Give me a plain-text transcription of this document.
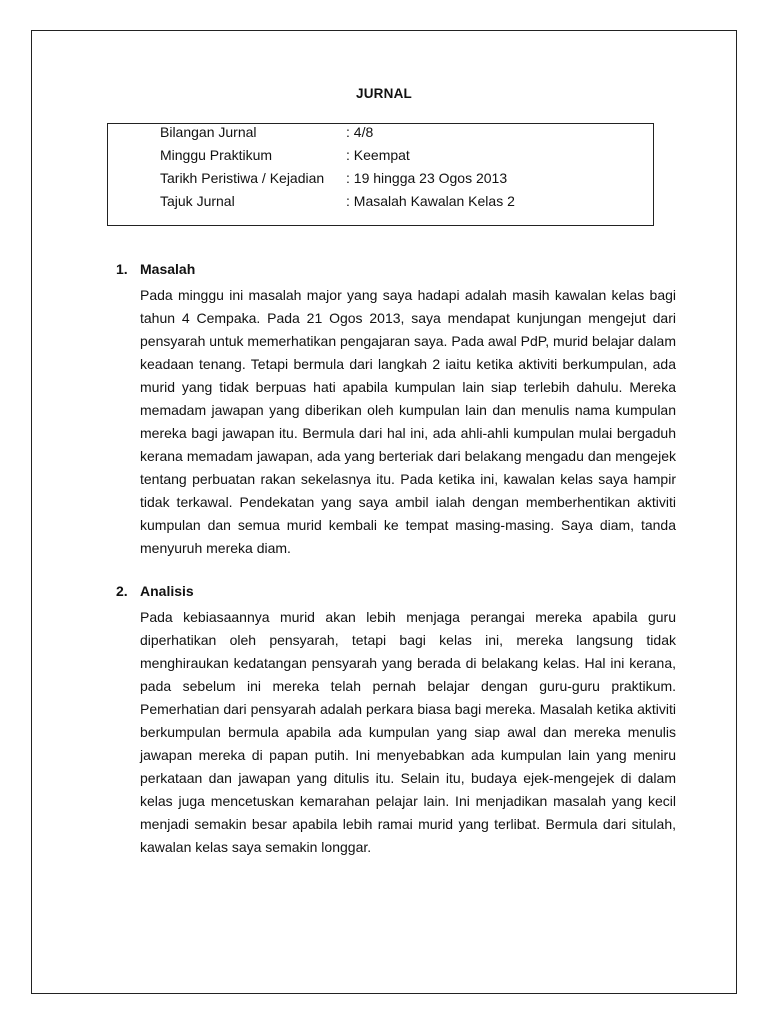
JURNAL
Bilangan Jurnal	: 4/8
Minggu Praktikum	: Keempat
Tarikh Peristiwa / Kejadian : 19 hingga 23 Ogos 2013
Tajuk Jurnal	: Masalah Kawalan Kelas 2
1. Masalah
Pada minggu ini masalah major yang saya hadapi adalah masih kawalan kelas bagi tahun 4 Cempaka. Pada 21 Ogos 2013, saya mendapat kunjungan mengejut dari pensyarah untuk memerhatikan pengajaran saya. Pada awal PdP, murid belajar dalam keadaan tenang. Tetapi bermula dari langkah 2 iaitu ketika aktiviti berkumpulan, ada murid yang tidak berpuas hati apabila kumpulan lain siap terlebih dahulu. Mereka memadam jawapan yang diberikan oleh kumpulan lain dan menulis nama kumpulan mereka bagi jawapan itu. Bermula dari hal ini, ada ahli-ahli kumpulan mulai bergaduh kerana memadam jawapan, ada yang berteriak dari belakang mengadu dan mengejek tentang perbuatan rakan sekelasnya itu. Pada ketika ini, kawalan kelas saya hampir tidak terkawal. Pendekatan yang saya ambil ialah dengan memberhentikan aktiviti kumpulan dan semua murid kembali ke tempat masing-masing. Saya diam, tanda menyuruh mereka diam.
2. Analisis
Pada kebiasaannya murid akan lebih menjaga perangai mereka apabila guru diperhatikan oleh pensyarah, tetapi bagi kelas ini, mereka langsung tidak menghiraukan kedatangan pensyarah yang berada di belakang kelas. Hal ini kerana, pada sebelum ini mereka telah pernah belajar dengan guru-guru praktikum. Pemerhatian dari pensyarah adalah perkara biasa bagi mereka. Masalah ketika aktiviti berkumpulan bermula apabila ada kumpulan yang siap awal dan mereka menulis jawapan mereka di papan putih. Ini menyebabkan ada kumpulan lain yang meniru perkataan dan jawapan yang ditulis itu. Selain itu, budaya ejek-mengejek di dalam kelas juga mencetuskan kemarahan pelajar lain. Ini menjadikan masalah yang kecil menjadi semakin besar apabila lebih ramai murid yang terlibat. Bermula dari situlah, kawalan kelas saya semakin longgar.
